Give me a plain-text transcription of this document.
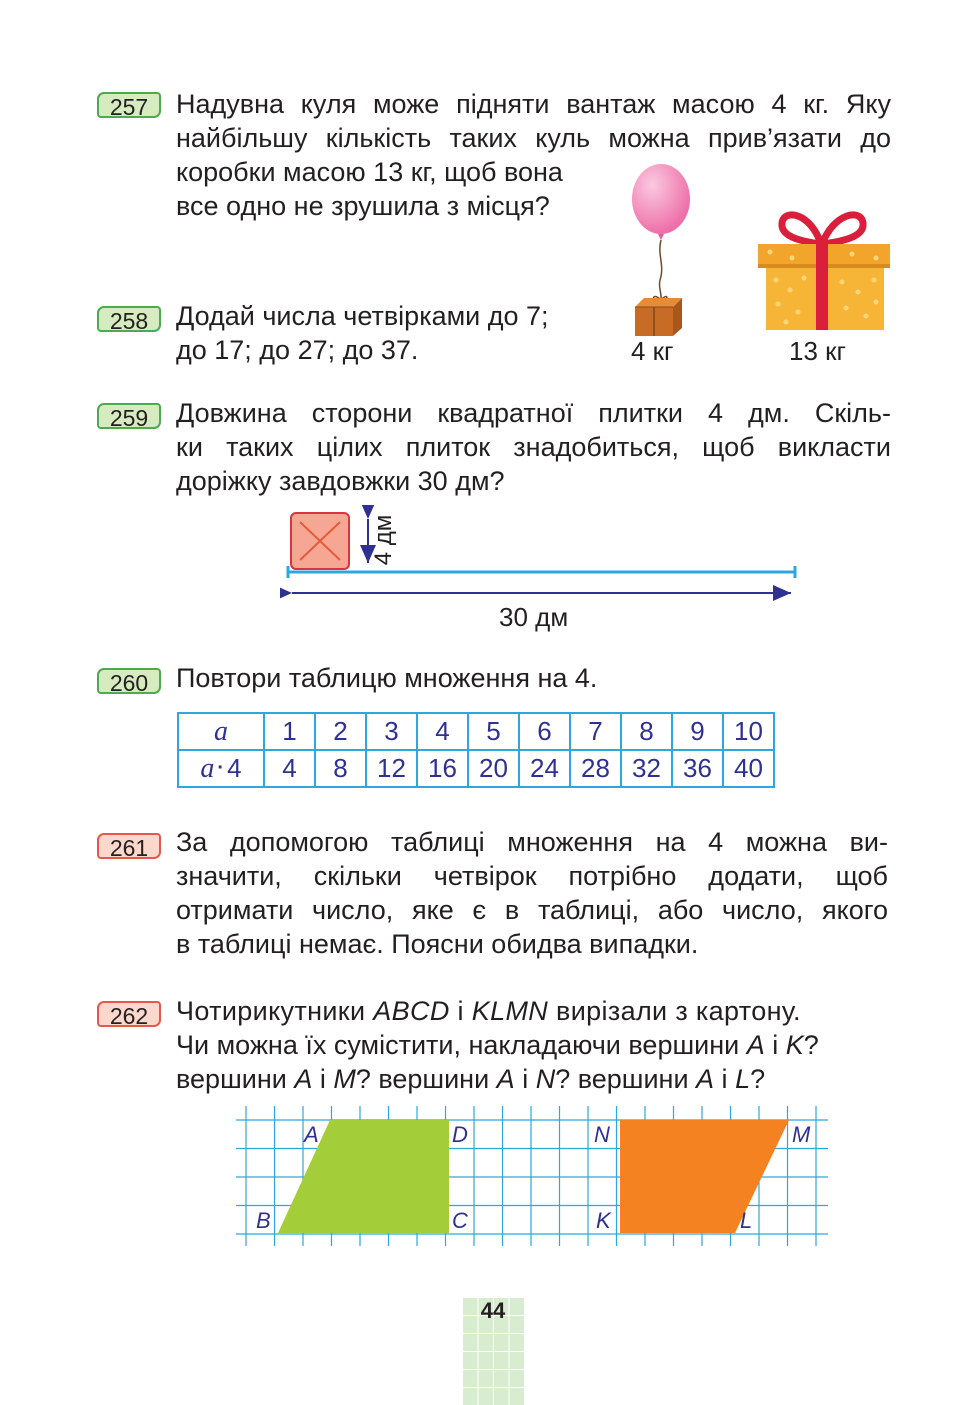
257	Надувна куля може підняти вантаж масою 4 кг. Яку
найбільшу кількість таких куль можна прив’язати до
коробки масою 13 кг, щоб вона
все одно не зрушила з місця?
4 кг	13 кг
258	Додай числа четвірками до 7;
до 17; до 27; до 37.
259	Довжина сторони квадратної плитки 4 дм. Скіль-
ки таких цілих плиток знадобиться, щоб викласти
доріжку завдовжки 30 дм?
4 дм
30 дм
260	Повтори таблицю множення на 4.
a	1	2	3	4	5	6	7	8	9	10
a · 4	4	8	12	16	20	24	28	32	36	40
261	За допомогою таблиці множення на 4 можна ви-
значити, скільки четвірок потрібно додати, щоб
отримати число, яке є в таблиці, або число, якого
в таблиці немає. Поясни обидва випадки.
262	Чотирикутники ABCD і KLMN вирізали з картону.
Чи можна їх сумістити, накладаючи вершини A і K?
вершини A і M? вершини A і N? вершини A і L?
A	D
B	C
N	M
K	L
44
